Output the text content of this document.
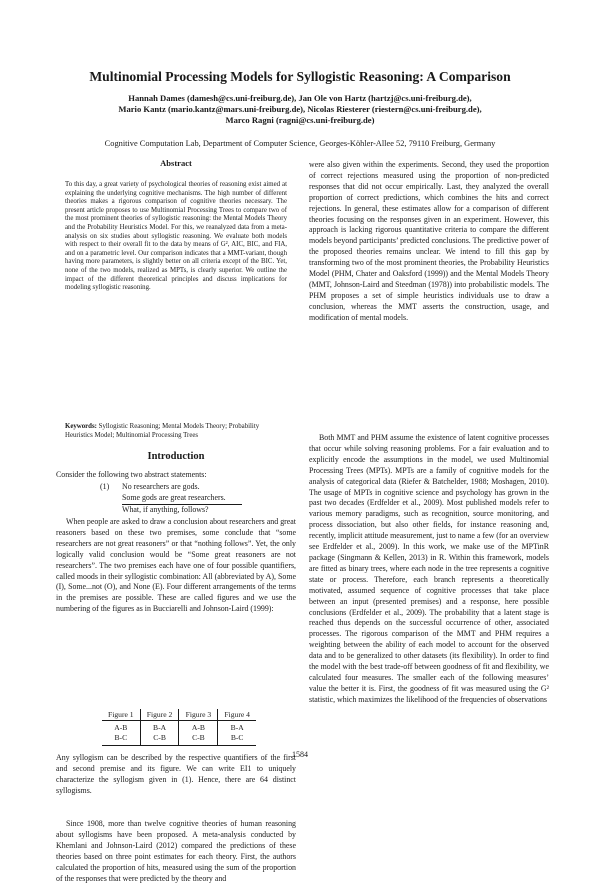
Multinomial Processing Models for Syllogistic Reasoning: A Comparison
Hannah Dames (damesh@cs.uni-freiburg.de), Jan Ole von Hartz (hartzj@cs.uni-freiburg.de),
Mario Kantz (mario.kantz@mars.uni-freiburg.de), Nicolas Riesterer (riestern@cs.uni-freiburg.de),
Marco Ragni (ragni@cs.uni-freiburg.de)
Cognitive Computation Lab, Department of Computer Science, Georges-Köhler-Allee 52, 79110 Freiburg, Germany
Abstract
To this day, a great variety of psychological theories of reasoning exist aimed at explaining the underlying cognitive mechanisms. The high number of different theories makes a rigorous comparison of cognitive theories necessary. The present article proposes to use Multinomial Processing Trees to compare two of the most prominent theories of syllogistic reasoning: the Mental Models Theory and the Probability Heuristics Model. For this, we reanalyzed data from a meta-analysis on six studies about syllogistic reasoning. We evaluate both models with respect to their overall fit to the data by means of G², AIC, BIC, and FIA, and on a parametric level. Our comparison indicates that a MMT-variant, though having more parameters, is slightly better on all criteria except of the BIC. Yet, none of the two models, realized as MPTs, is clearly superior. We outline the impact of the different theoretical principles and discuss implications for modeling syllogistic reasoning.
Keywords: Syllogistic Reasoning; Mental Models Theory; Probability Heuristics Model; Multinomial Processing Trees
Introduction

Consider the following two abstract statements:

(1) No researchers are gods.
Some gods are great researchers.
What, if anything, follows?

When people are asked to draw a conclusion about researchers and great reasoners based on these two premises, some conclude that “some researchers are not great reasoners” or that “nothing follows”. Yet, the only logically valid conclusion would be “Some great reasoners are not researchers”. The two premises each have one of four possible quantifiers, called moods in their syllogistic combination: All (abbreviated by A), Some (I), Some...not (O), and None (E). Four different arrangements of the terms in the premises are possible. These are called figures and we use the numbering of the figures as in Bucciarelli and Johnson-Laird (1999):

Figure 1	Figure 2	Figure 3	Figure 4
A-B	B-A	A-B	B-A
B-C	C-B	C-B	B-C

Any syllogism can be described by the respective quantifiers of the first and second premise and its figure. We can write EI1 to uniquely characterize the syllogism given in (1). Hence, there are 64 distinct syllogisms.

Since 1908, more than twelve cognitive theories of human reasoning about syllogisms have been proposed. A meta-analysis conducted by Khemlani and Johnson-Laird (2012) compared the predictions of these theories based on three point estimates for each theory. First, the authors calculated the proportion of hits, measured using the sum of the proportion of the responses that were predicted by the theory and

were also given within the experiments. Second, they used the proportion of correct rejections measured using the proportion of non-predicted responses that did not occur empirically. Last, they analyzed the overall proportion of correct predictions, which combines the hits and correct rejections. In general, these estimates allow for a comparison of different theories focusing on the responses given in an experiment. However, this approach is lacking rigorous quantitative criteria to compare the different models beyond participants’ predicted conclusions. The predictive power of the proposed theories remains unclear. We intend to fill this gap by transforming two of the most prominent theories, the Probability Heuristics Model (PHM, Chater and Oaksford (1999)) and the Mental Models Theory (MMT, Johnson-Laird and Steedman (1978)) into probabilistic models. The PHM proposes a set of simple heuristics individuals use to draw a conclusion, whereas the MMT asserts the construction, usage, and modification of mental models.

Both MMT and PHM assume the existence of latent cognitive processes that occur while solving reasoning problems. For a fair evaluation and to explicitly encode the assumptions in the model, we used Multinomial Processing Trees (MPTs). MPTs are a family of cognitive models for the analysis of categorical data (Riefer & Batchelder, 1988; Moshagen, 2010). The usage of MPTs in cognitive science and psychology has grown in the past two decades (Erdfelder et al., 2009). Most published models refer to various memory paradigms, such as recognition, source monitoring, and process dissociation, but also other fields, for instance reasoning and, recently, implicit attitude measurement, just to name a few (for an overview see Erdfelder et al., 2009). In this work, we make use of the MPTinR package (Singmann & Kellen, 2013) in R. Within this framework, models are fitted as binary trees, where each node in the tree represents a cognitive state or process. Therefore, each branch represents a theoretically motivated, assumed sequence of cognitive processes that take place between an input (presented premises) and a response, here possible conclusions (Erdfelder et al., 2009). The probability that a latent stage is reached thus depends on the successful occurrence of other, associated processes. The rigorous comparison of the MMT and PHM requires a weighting between the ability of each model to account for the observed data and to be generalized to other datasets (its flexibility). In order to find the model with the best trade-off between goodness of fit and flexibility, we calculated four measures. The smaller each of the following measures’ value the better it is. First, the goodness of fit was measured using the G² statistic, which maximizes the likelihood of the frequencies of observations

1584
